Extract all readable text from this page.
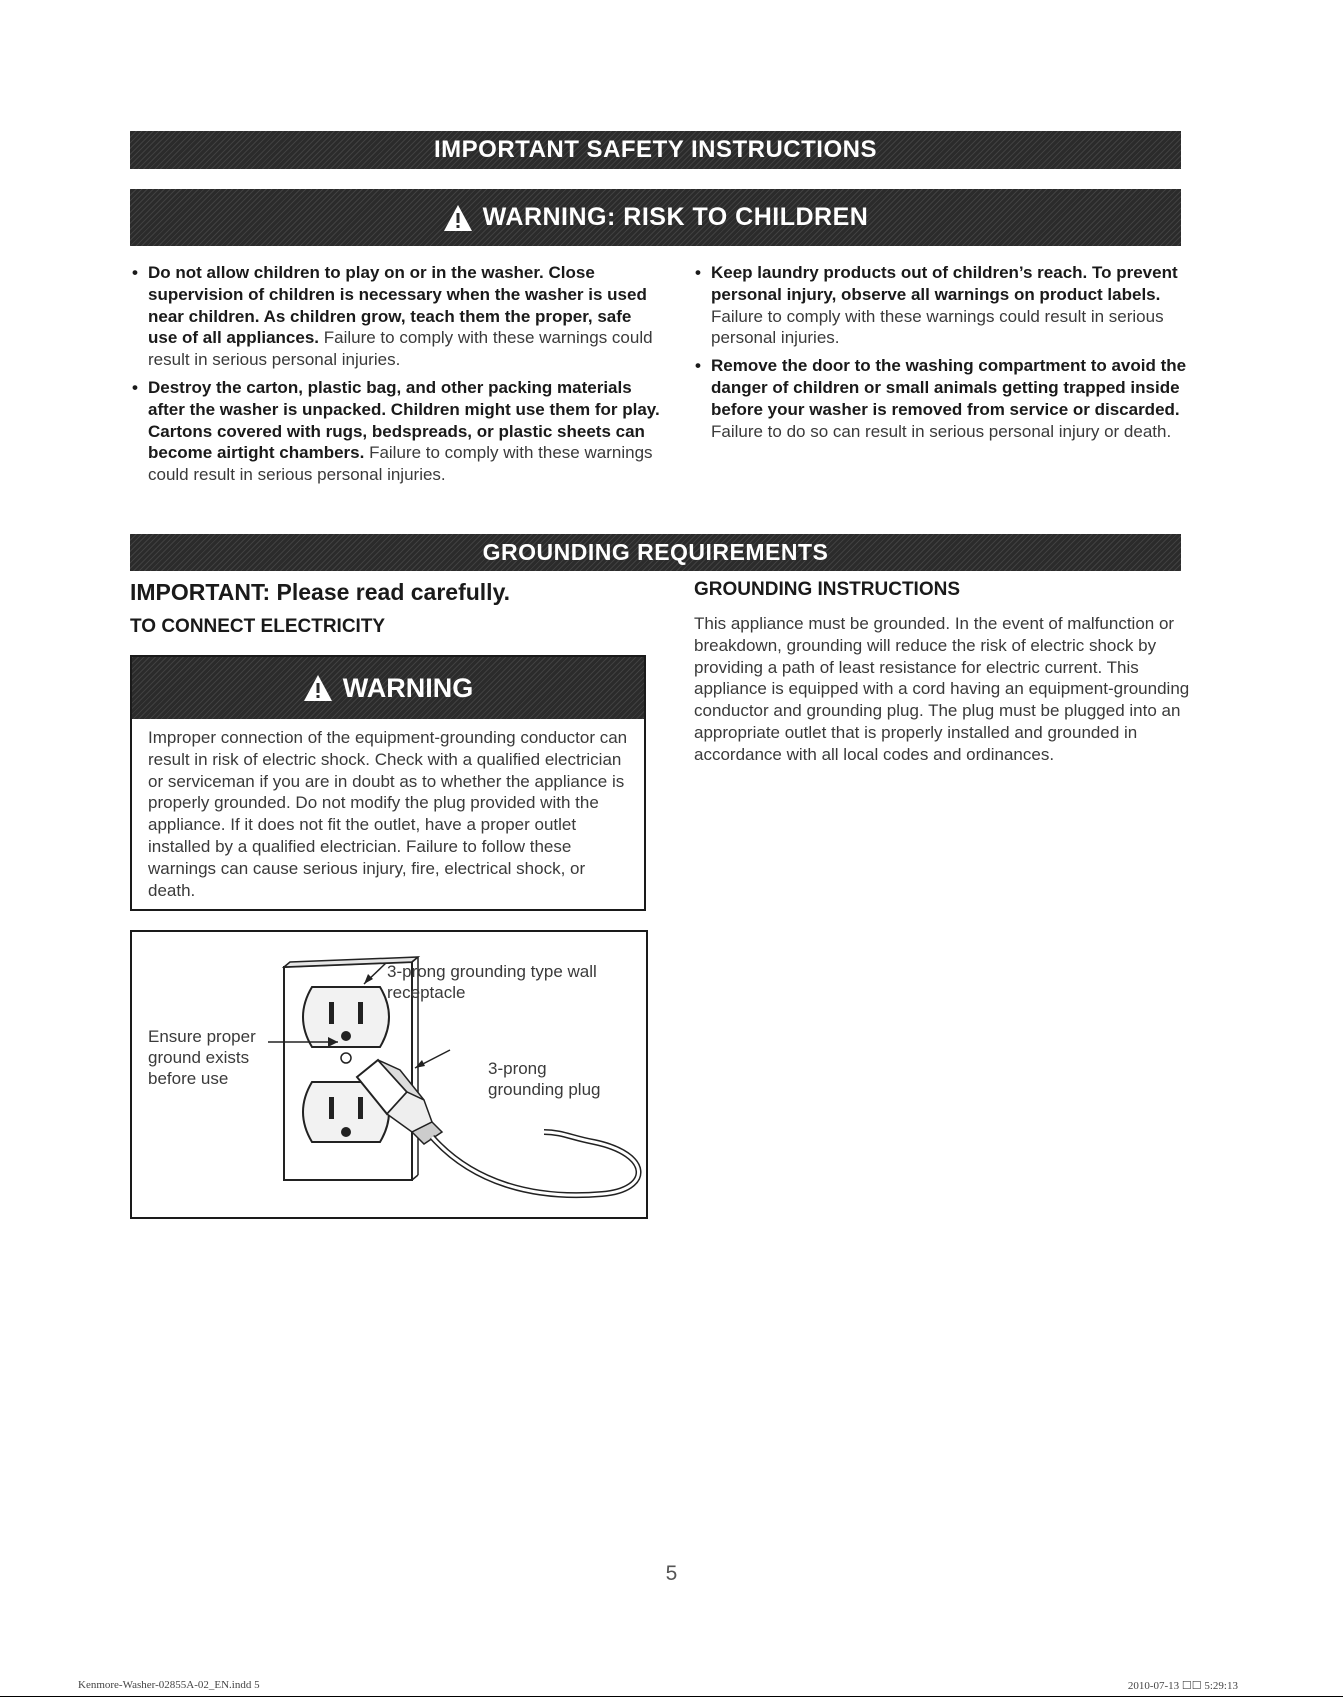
IMPORTANT SAFETY INSTRUCTIONS
WARNING: RISK TO CHILDREN
• Do not allow children to play on or in the washer. Close supervision of children is necessary when the washer is used near children. As children grow, teach them the proper, safe use of all appliances. Failure to comply with these warnings could result in serious personal injuries.
• Destroy the carton, plastic bag, and other packing materials after the washer is unpacked. Children might use them for play. Cartons covered with rugs, bedspreads, or plastic sheets can become airtight chambers. Failure to comply with these warnings could result in serious personal injuries.
• Keep laundry products out of children’s reach. To prevent personal injury, observe all warnings on product labels. Failure to comply with these warnings could result in serious personal injuries.
• Remove the door to the washing compartment to avoid the danger of children or small animals getting trapped inside before your washer is removed from service or discarded. Failure to do so can result in serious personal injury or death.
GROUNDING REQUIREMENTS
IMPORTANT: Please read carefully.
TO CONNECT ELECTRICITY
WARNING
Improper connection of the equipment-grounding conductor can result in risk of electric shock. Check with a qualified electrician or serviceman if you are in doubt as to whether the appliance is properly grounded. Do not modify the plug provided with the appliance. If it does not fit the outlet, have a proper outlet installed by a qualified electrician. Failure to follow these warnings can cause serious injury, fire, electrical shock, or death.
3-prong grounding type wall receptacle
Ensure proper ground exists before use
3-prong grounding plug
GROUNDING INSTRUCTIONS
This appliance must be grounded. In the event of malfunction or breakdown, grounding will reduce the risk of electric shock by providing a path of least resistance for electric current. This appliance is equipped with a cord having an equipment-grounding conductor and grounding plug. The plug must be plugged into an appropriate outlet that is properly installed and grounded in accordance with all local codes and ordinances.
5
Kenmore-Washer-02855A-02_EN.indd 5	2010-07-13 ☐☐ 5:29:13
